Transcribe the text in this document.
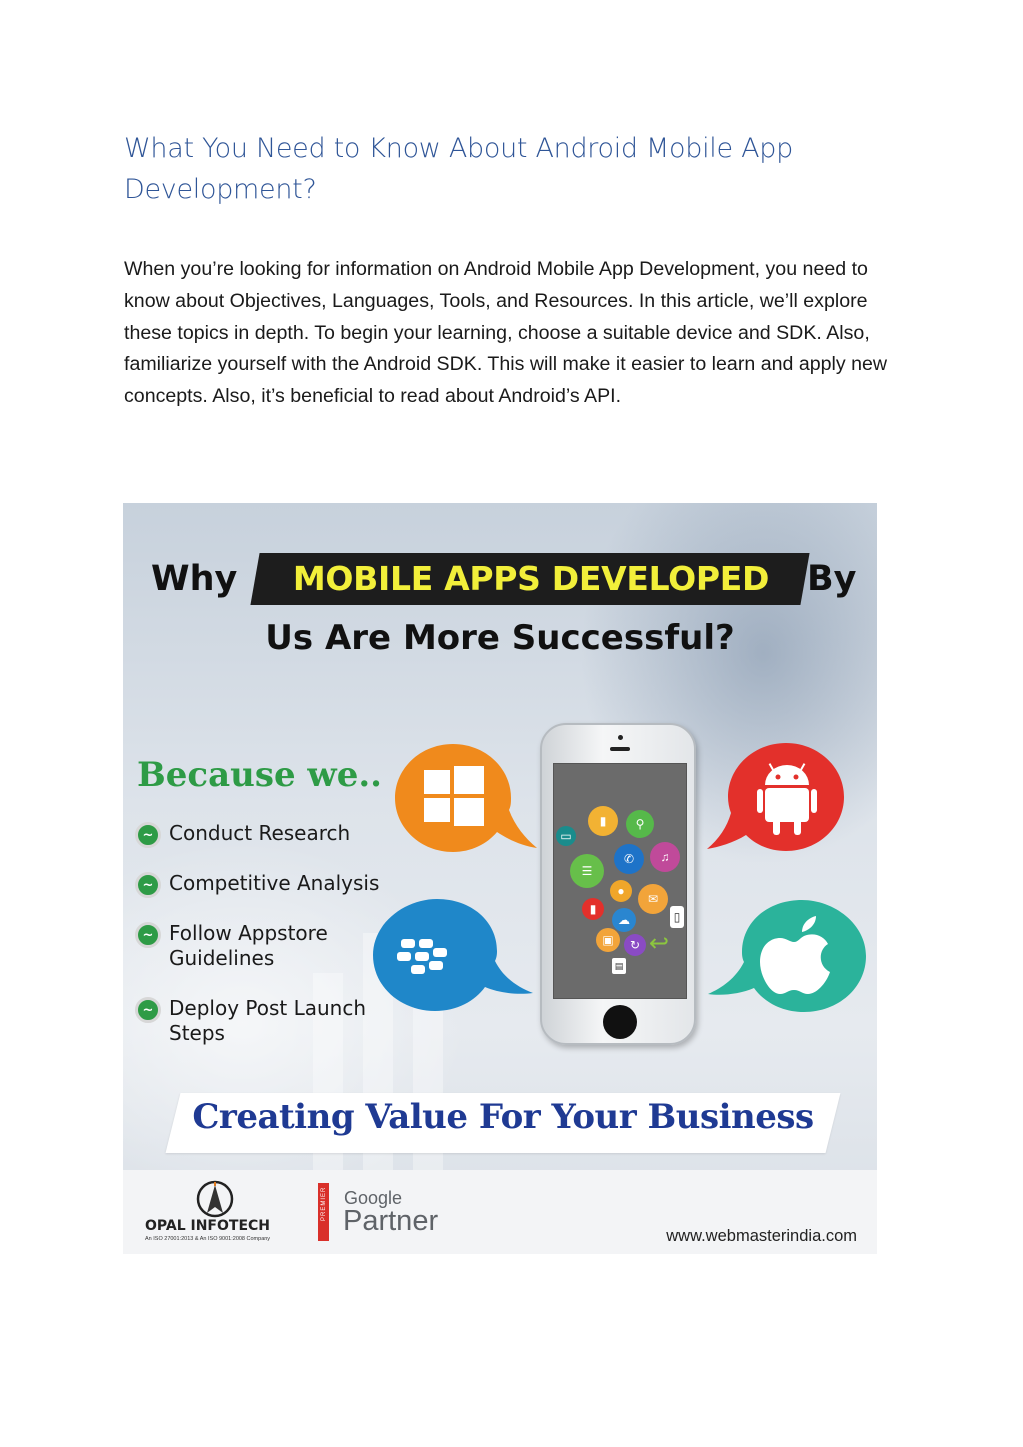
What You Need to Know About Android Mobile App Development?

When you’re looking for information on Android Mobile App Development, you need to know about Objectives, Languages, Tools, and Resources. In this article, we’ll explore these topics in depth. To begin your learning, choose a suitable device and SDK. Also, familiarize yourself with the Android SDK. This will make it easier to learn and apply new concepts. Also, it’s beneficial to read about Android’s API.

Why	MOBILE APPS DEVELOPED	By
Us Are More Successful?
Because we..
~ Conduct Research
~ Competitive Analysis
~ Follow Appstore Guidelines
~ Deploy Post Launch Steps
▮	⚲
▭
♫
✆
☰
●
✉
▮
☁	▯
▣	↻ ↩
▤
Creating Value For Your Business
OPAL INFOTECH
An ISO 27001:2013 & An ISO 9001:2008 Company
PREMIER Google
Partner	www.webmasterindia.com
